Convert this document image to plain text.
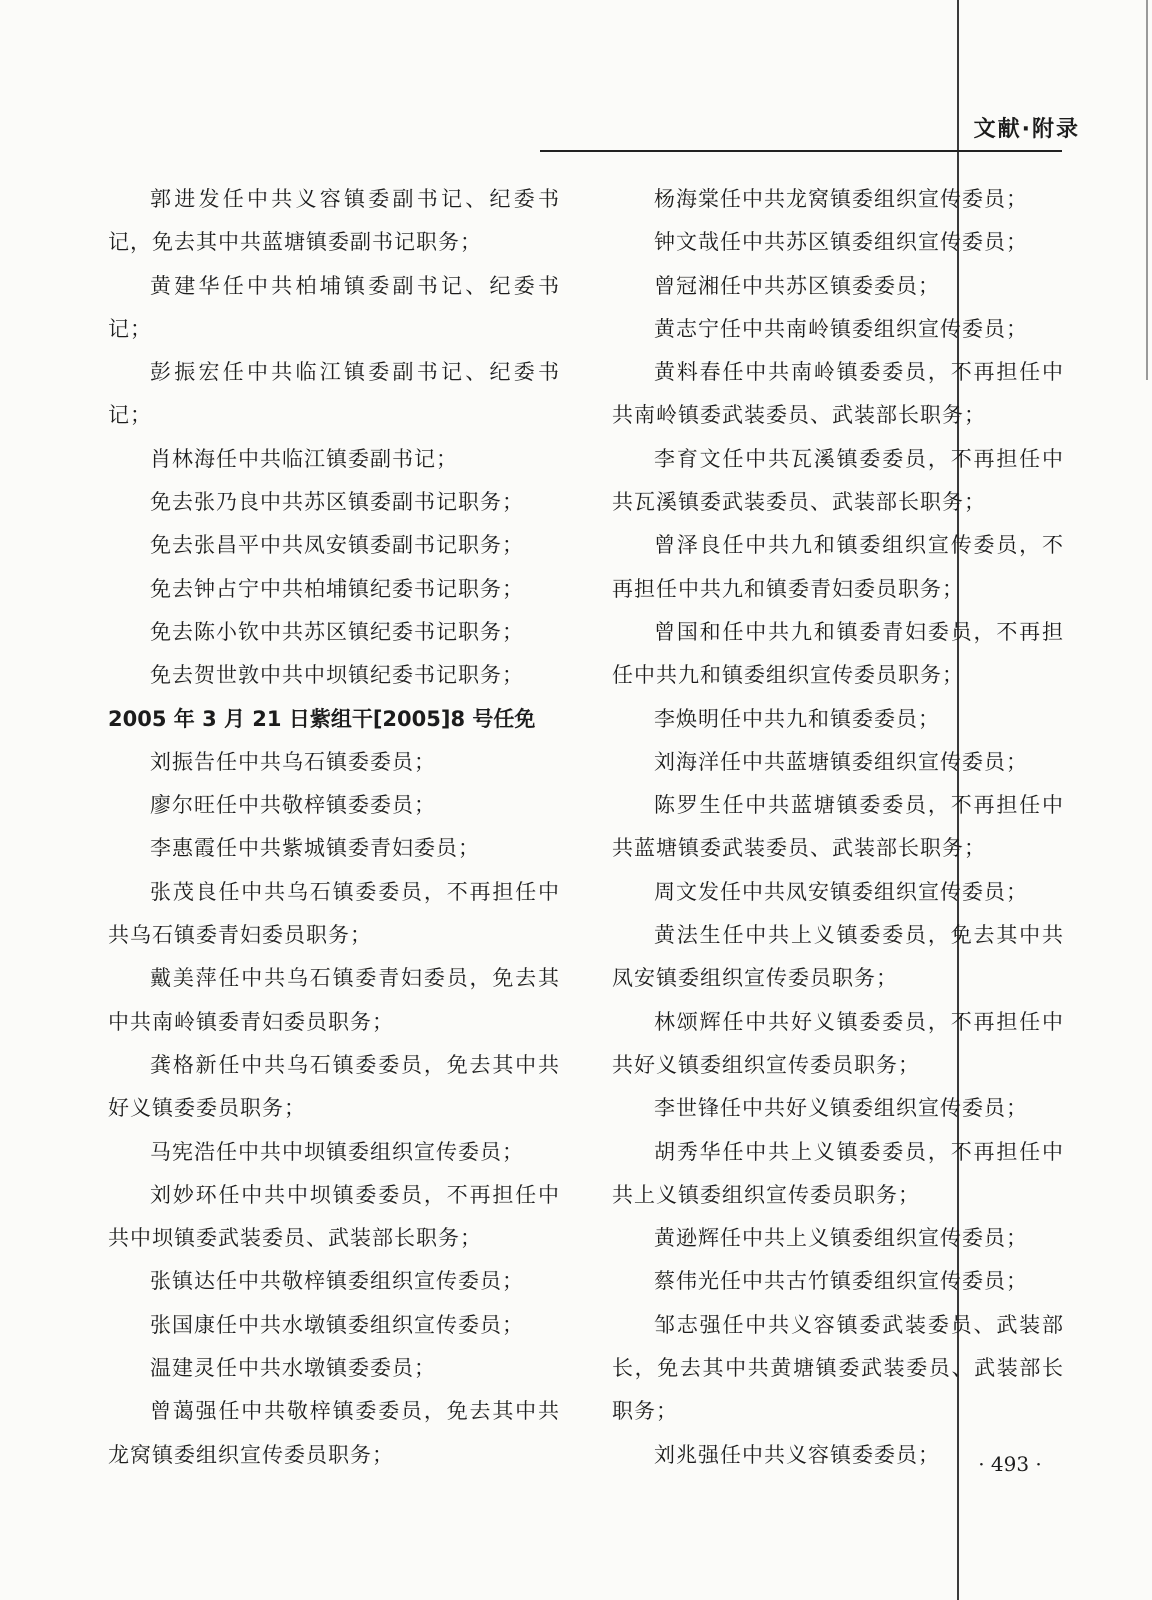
文献·附录

郭进发任中共义容镇委副书记、纪委书记，免去其中共蓝塘镇委副书记职务；

黄建华任中共柏埔镇委副书记、纪委书记；

彭振宏任中共临江镇委副书记、纪委书记；

肖林海任中共临江镇委副书记；

免去张乃良中共苏区镇委副书记职务；

免去张昌平中共凤安镇委副书记职务；

免去钟占宁中共柏埔镇纪委书记职务；

免去陈小钦中共苏区镇纪委书记职务；

免去贺世敦中共中坝镇纪委书记职务；

2005 年 3 月 21 日紫组干[2005]8 号任免

刘振告任中共乌石镇委委员；

廖尔旺任中共敬梓镇委委员；

李惠霞任中共紫城镇委青妇委员；

张茂良任中共乌石镇委委员，不再担任中共乌石镇委青妇委员职务；

戴美萍任中共乌石镇委青妇委员，免去其中共南岭镇委青妇委员职务；

龚格新任中共乌石镇委委员，免去其中共好义镇委委员职务；

马宪浩任中共中坝镇委组织宣传委员；

刘妙环任中共中坝镇委委员，不再担任中共中坝镇委武装委员、武装部长职务；

张镇达任中共敬梓镇委组织宣传委员；

张国康任中共水墩镇委组织宣传委员；

温建灵任中共水墩镇委委员；

曾蔼强任中共敬梓镇委委员，免去其中共龙窝镇委组织宣传委员职务；

杨海棠任中共龙窝镇委组织宣传委员；

钟文哉任中共苏区镇委组织宣传委员；

曾冠湘任中共苏区镇委委员；

黄志宁任中共南岭镇委组织宣传委员；

黄料春任中共南岭镇委委员，不再担任中共南岭镇委武装委员、武装部长职务；

李育文任中共瓦溪镇委委员，不再担任中共瓦溪镇委武装委员、武装部长职务；

曾泽良任中共九和镇委组织宣传委员，不再担任中共九和镇委青妇委员职务；

曾国和任中共九和镇委青妇委员，不再担任中共九和镇委组织宣传委员职务；

李焕明任中共九和镇委委员；

刘海洋任中共蓝塘镇委组织宣传委员；

陈罗生任中共蓝塘镇委委员，不再担任中共蓝塘镇委武装委员、武装部长职务；

周文发任中共凤安镇委组织宣传委员；

黄法生任中共上义镇委委员，免去其中共凤安镇委组织宣传委员职务；

林颂辉任中共好义镇委委员，不再担任中共好义镇委组织宣传委员职务；

李世锋任中共好义镇委组织宣传委员；

胡秀华任中共上义镇委委员，不再担任中共上义镇委组织宣传委员职务；

黄逊辉任中共上义镇委组织宣传委员；

蔡伟光任中共古竹镇委组织宣传委员；

邹志强任中共义容镇委武装委员、武装部长，免去其中共黄塘镇委武装委员、武装部长职务；

刘兆强任中共义容镇委委员；	· 493 ·
